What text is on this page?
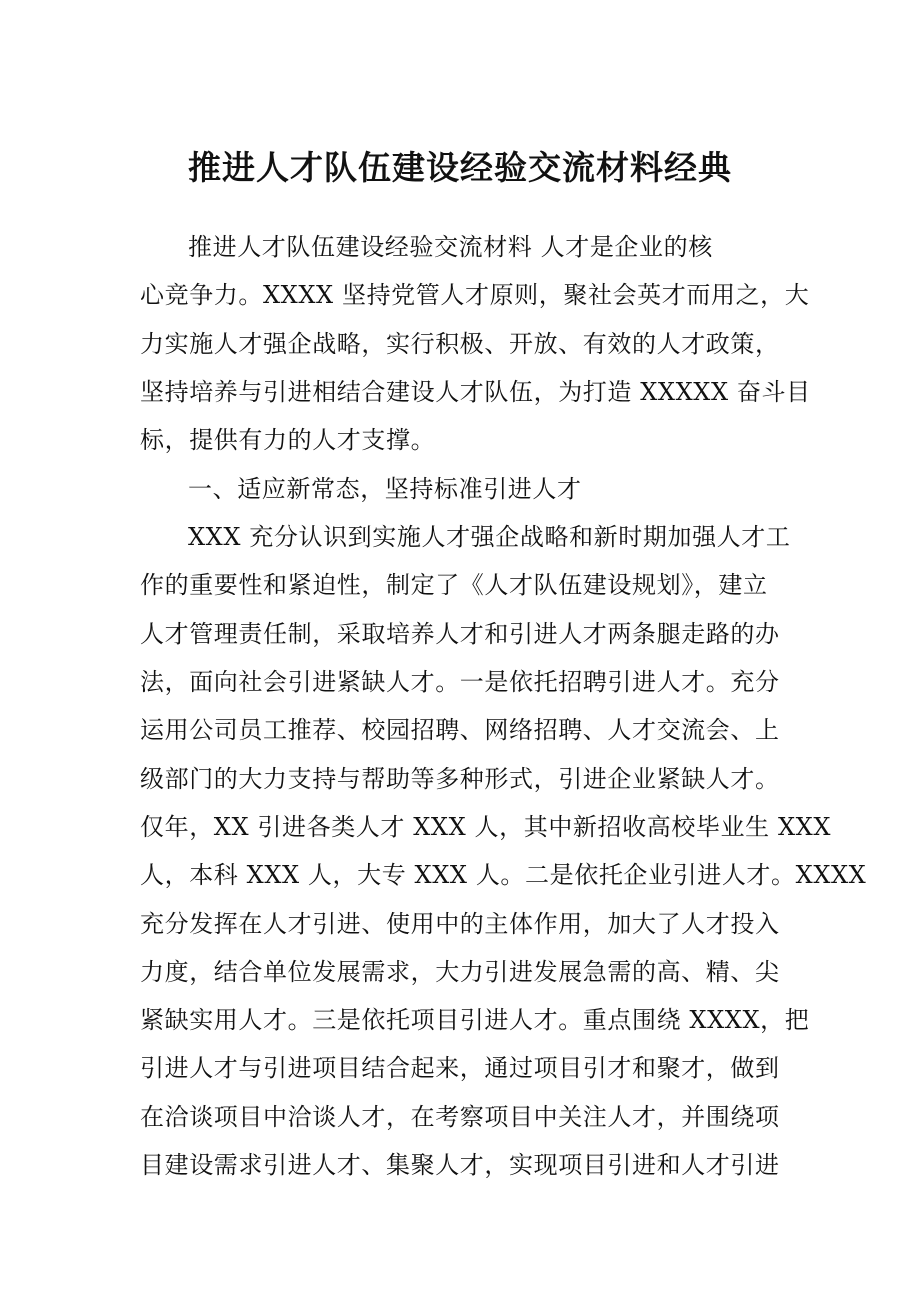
推进人才队伍建设经验交流材料经典
推进人才队伍建设经验交流材料 人才是企业的核
心竞争力。XXXX 坚持党管人才原则，聚社会英才而用之，大
力实施人才强企战略，实行积极、开放、有效的人才政策，
坚持培养与引进相结合建设人才队伍，为打造 XXXXX 奋斗目
标，提供有力的人才支撑。
一、适应新常态，坚持标准引进人才
XXX 充分认识到实施人才强企战略和新时期加强人才工
作的重要性和紧迫性，制定了《人才队伍建设规划》，建立
人才管理责任制，采取培养人才和引进人才两条腿走路的办
法，面向社会引进紧缺人才。一是依托招聘引进人才。充分
运用公司员工推荐、校园招聘、网络招聘、人才交流会、上
级部门的大力支持与帮助等多种形式，引进企业紧缺人才。
仅年，XX 引进各类人才 XXX 人，其中新招收高校毕业生 XXX
人，本科 XXX 人，大专 XXX 人。二是依托企业引进人才。XXXX
充分发挥在人才引进、使用中的主体作用，加大了人才投入
力度，结合单位发展需求，大力引进发展急需的高、精、尖
紧缺实用人才。三是依托项目引进人才。重点围绕 XXXX，把
引进人才与引进项目结合起来，通过项目引才和聚才，做到
在洽谈项目中洽谈人才，在考察项目中关注人才，并围绕项
目建设需求引进人才、集聚人才，实现项目引进和人才引进
